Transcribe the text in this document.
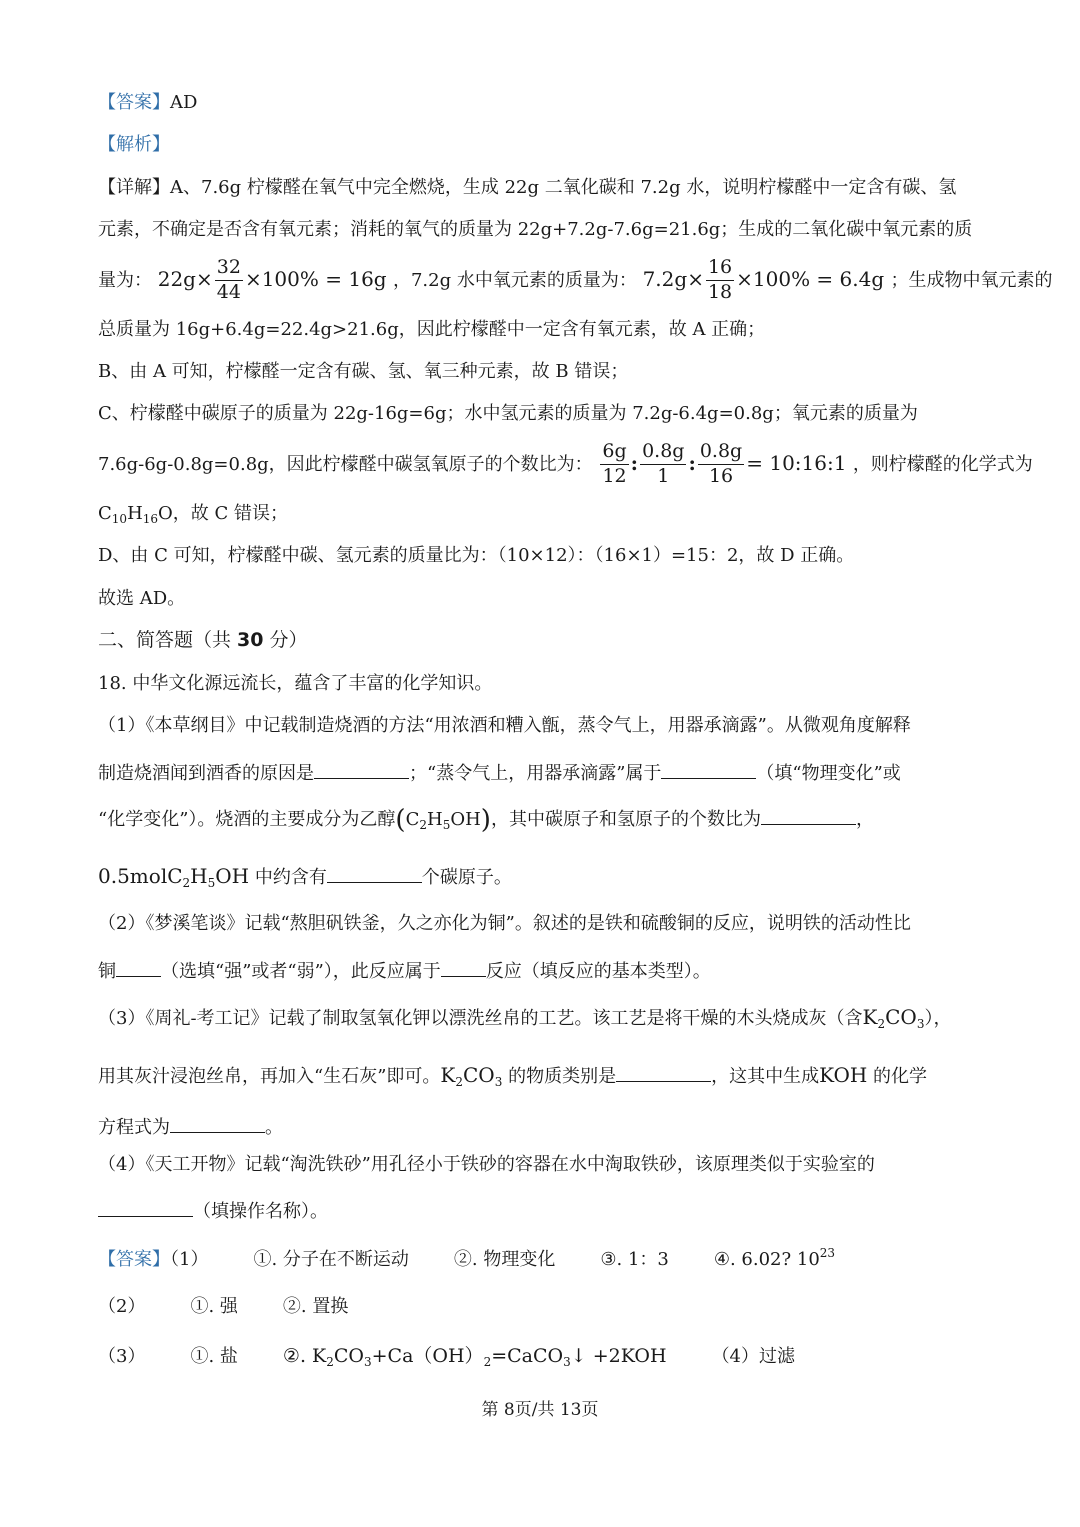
【答案】AD
【解析】
【详解】A、7.6g 柠檬醛在氧气中完全燃烧，生成 22g 二氧化碳和 7.2g 水，说明柠檬醛中一定含有碳、氢
元素，不确定是否含有氧元素；消耗的氧气的质量为 22g+7.2g-7.6g=21.6g；生成的二氧化碳中氧元素的质
量为： $22g\times \frac{32}{44} \times 100\% = 16g$ ，7.2g 水中氧元素的质量为： $7.2g\times \frac{16}{18} \times 100\% = 6.4g$ ；生成物中氧元素的
总质量为 16g+6.4g=22.4g>21.6g，因此柠檬醛中一定含有氧元素，故 A 正确；
B、由 A 可知，柠檬醛一定含有碳、氢、氧三种元素，故 B 错误；
C、柠檬醛中碳原子的质量为 22g-16g=6g；水中氢元素的质量为 7.2g-6.4g=0.8g；氧元素的质量为
7.6g-6g-0.8g=0.8g，因此柠檬醛中碳氢氧原子的个数比为： $\frac{6g}{12}$ : $\frac{0.8g}{1}$ : $\frac{0.8g}{16}$ = 10:16:1 ，则柠檬醛的化学式为
$C_{10}H_{16}O$，故 C 错误；
D、由 C 可知，柠檬醛中碳、氢元素的质量比为：（10×12）：（16×1）=15：2，故 D 正确。
故选 AD。
二、简答题（共 30 分）
18. 中华文化源远流长，蕴含了丰富的化学知识。
（1）《本草纲目》中记载制造烧酒的方法“用浓酒和糟入甑，蒸令气上，用器承滴露”。从微观角度解释
制造烧酒闻到酒香的原因是	；“蒸令气上，用器承滴露”属于	（填“物理变化”或
“化学变化”）。烧酒的主要成分为乙醇$(C_2H_5OH)$，其中碳原子和氢原子的个数比为	，
$0.5molC_2H_5OH$ 中约含有	个碳原子。
（2）《梦溪笔谈》记载“熬胆矾铁釜，久之亦化为铜”。叙述的是铁和硫酸铜的反应，说明铁的活动性比
铜	（选填“强”或者“弱”），此反应属于	反应（填反应的基本类型）。
（3）《周礼-考工记》记载了制取氢氧化钾以漂洗丝帛的工艺。该工艺是将干燥的木头烧成灰（含$K_2CO_3$），
用其灰汁浸泡丝帛，再加入“生石灰”即可。$K_2CO_3$ 的物质类别是	，这其中生成KOH 的化学
方程式为	。
（4）《天工开物》记载“淘洗铁砂”用孔径小于铁砂的容器在水中淘取铁砂，该原理类似于实验室的
（填操作名称）。
【答案】（1）	①. 分子在不断运动	②. 物理变化	③. 1：3	④. 6.02? $10^{23}$
（2）	①. 强	②. 置换
（3）	①. 盐 ②. $K_2CO_3+Ca(OH)_2=CaCO_3↓ +2KOH$	（4）过滤
第 8页/共 13页
